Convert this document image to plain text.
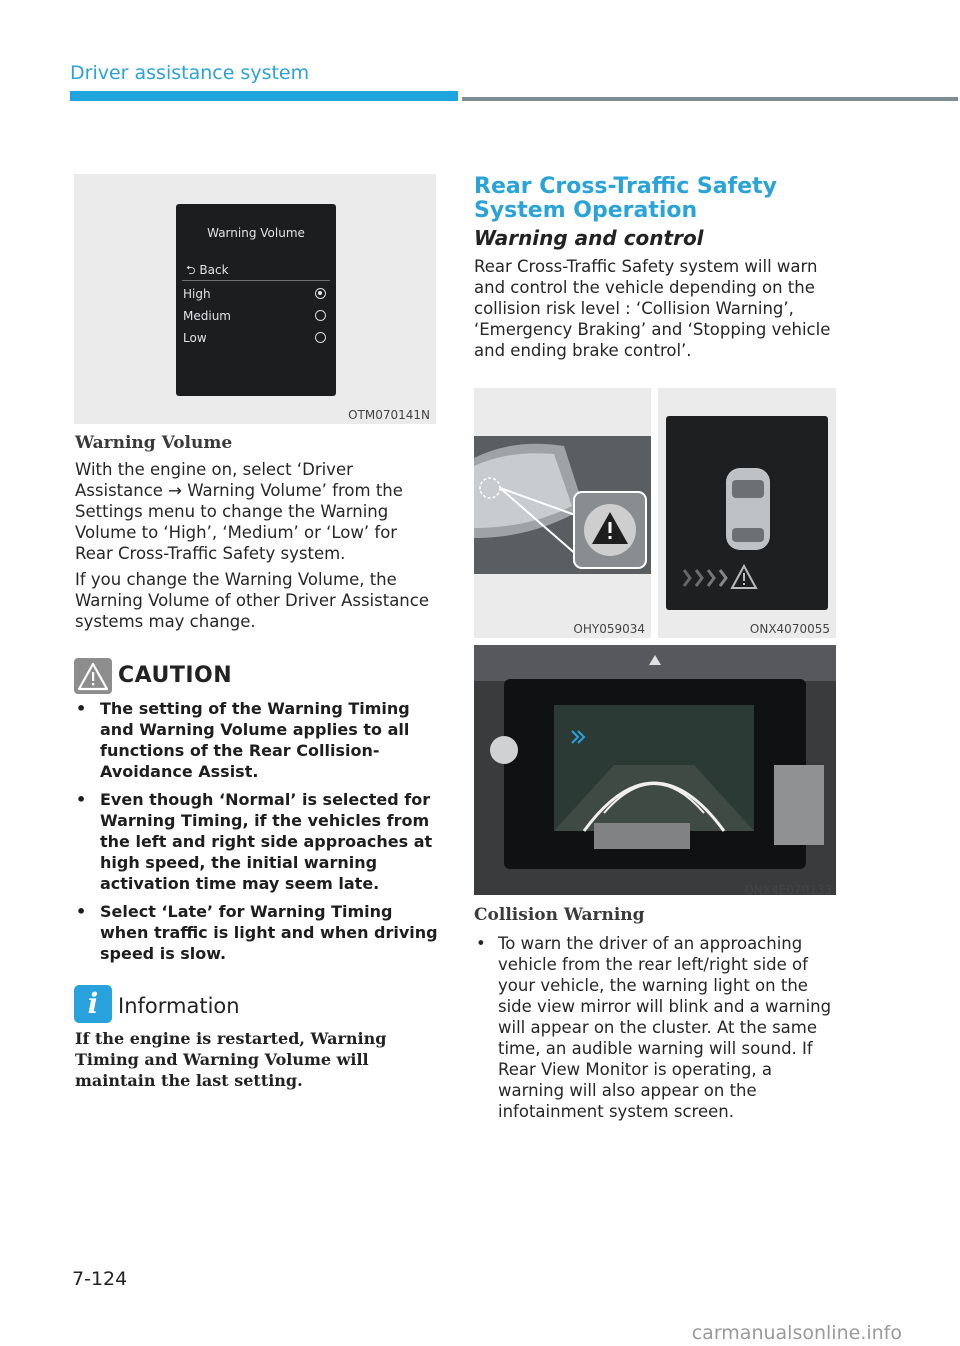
Driver assistance system
Warning Volume
⮌ Back
High
Medium
Low
OTM070141N
Warning Volume
With the engine on, select ‘Driver Assistance → Warning Volume’ from the Settings menu to change the Warning Volume to ‘High’, ‘Medium’ or ‘Low’ for Rear Cross-Traffic Safety system.
If you change the Warning Volume, the Warning Volume of other Driver Assistance systems may change.
CAUTION
• The setting of the Warning Timing and Warning Volume applies to all functions of the Rear Collision-Avoidance Assist.
• Even though ‘Normal’ is selected for Warning Timing, if the vehicles from the left and right side approaches at high speed, the initial warning activation time may seem late.
• Select ‘Late’ for Warning Timing when traffic is light and when driving speed is slow.
i Information
If the engine is restarted, Warning Timing and Warning Volume will maintain the last setting.
Rear Cross-Traffic Safety System Operation
Warning and control
Rear Cross-Traffic Safety system will warn and control the vehicle depending on the collision risk level : ‘Collision Warning’, ‘Emergency Braking’ and ‘Stopping vehicle and ending brake control’.
OHY059034	ONX4070055
ONX4E070133
Collision Warning
• To warn the driver of an approaching vehicle from the rear left/right side of your vehicle, the warning light on the side view mirror will blink and a warning will appear on the cluster. At the same time, an audible warning will sound. If Rear View Monitor is operating, a warning will also appear on the infotainment system screen.
7-124
carmanualsonline.info
